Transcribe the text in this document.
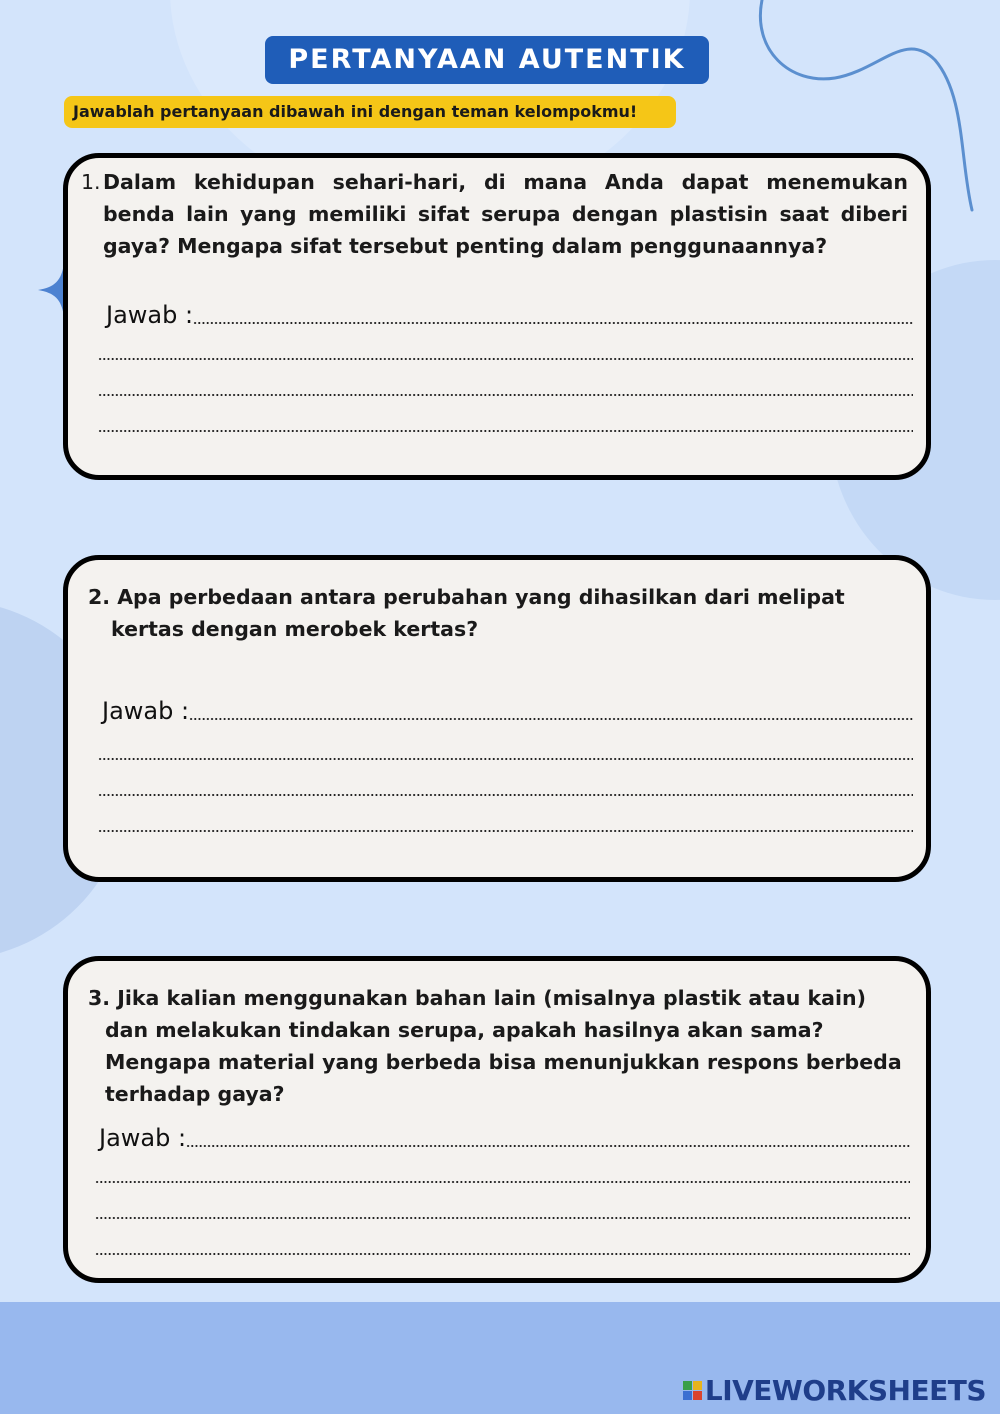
PERTANYAAN AUTENTIK
Jawablah pertanyaan dibawah ini dengan teman kelompokmu!
1. Dalam kehidupan sehari-hari, di mana Anda dapat menemukan benda lain yang memiliki sifat serupa dengan plastisin saat diberi gaya? Mengapa sifat tersebut penting dalam penggunaannya?
Jawab :
2. Apa perbedaan antara perubahan yang dihasilkan dari melipat kertas dengan merobek kertas?
Jawab :
3. Jika kalian menggunakan bahan lain (misalnya plastik atau kain) dan melakukan tindakan serupa, apakah hasilnya akan sama? Mengapa material yang berbeda bisa menunjukkan respons berbeda terhadap gaya?
Jawab :
LIVEWORKSHEETS
